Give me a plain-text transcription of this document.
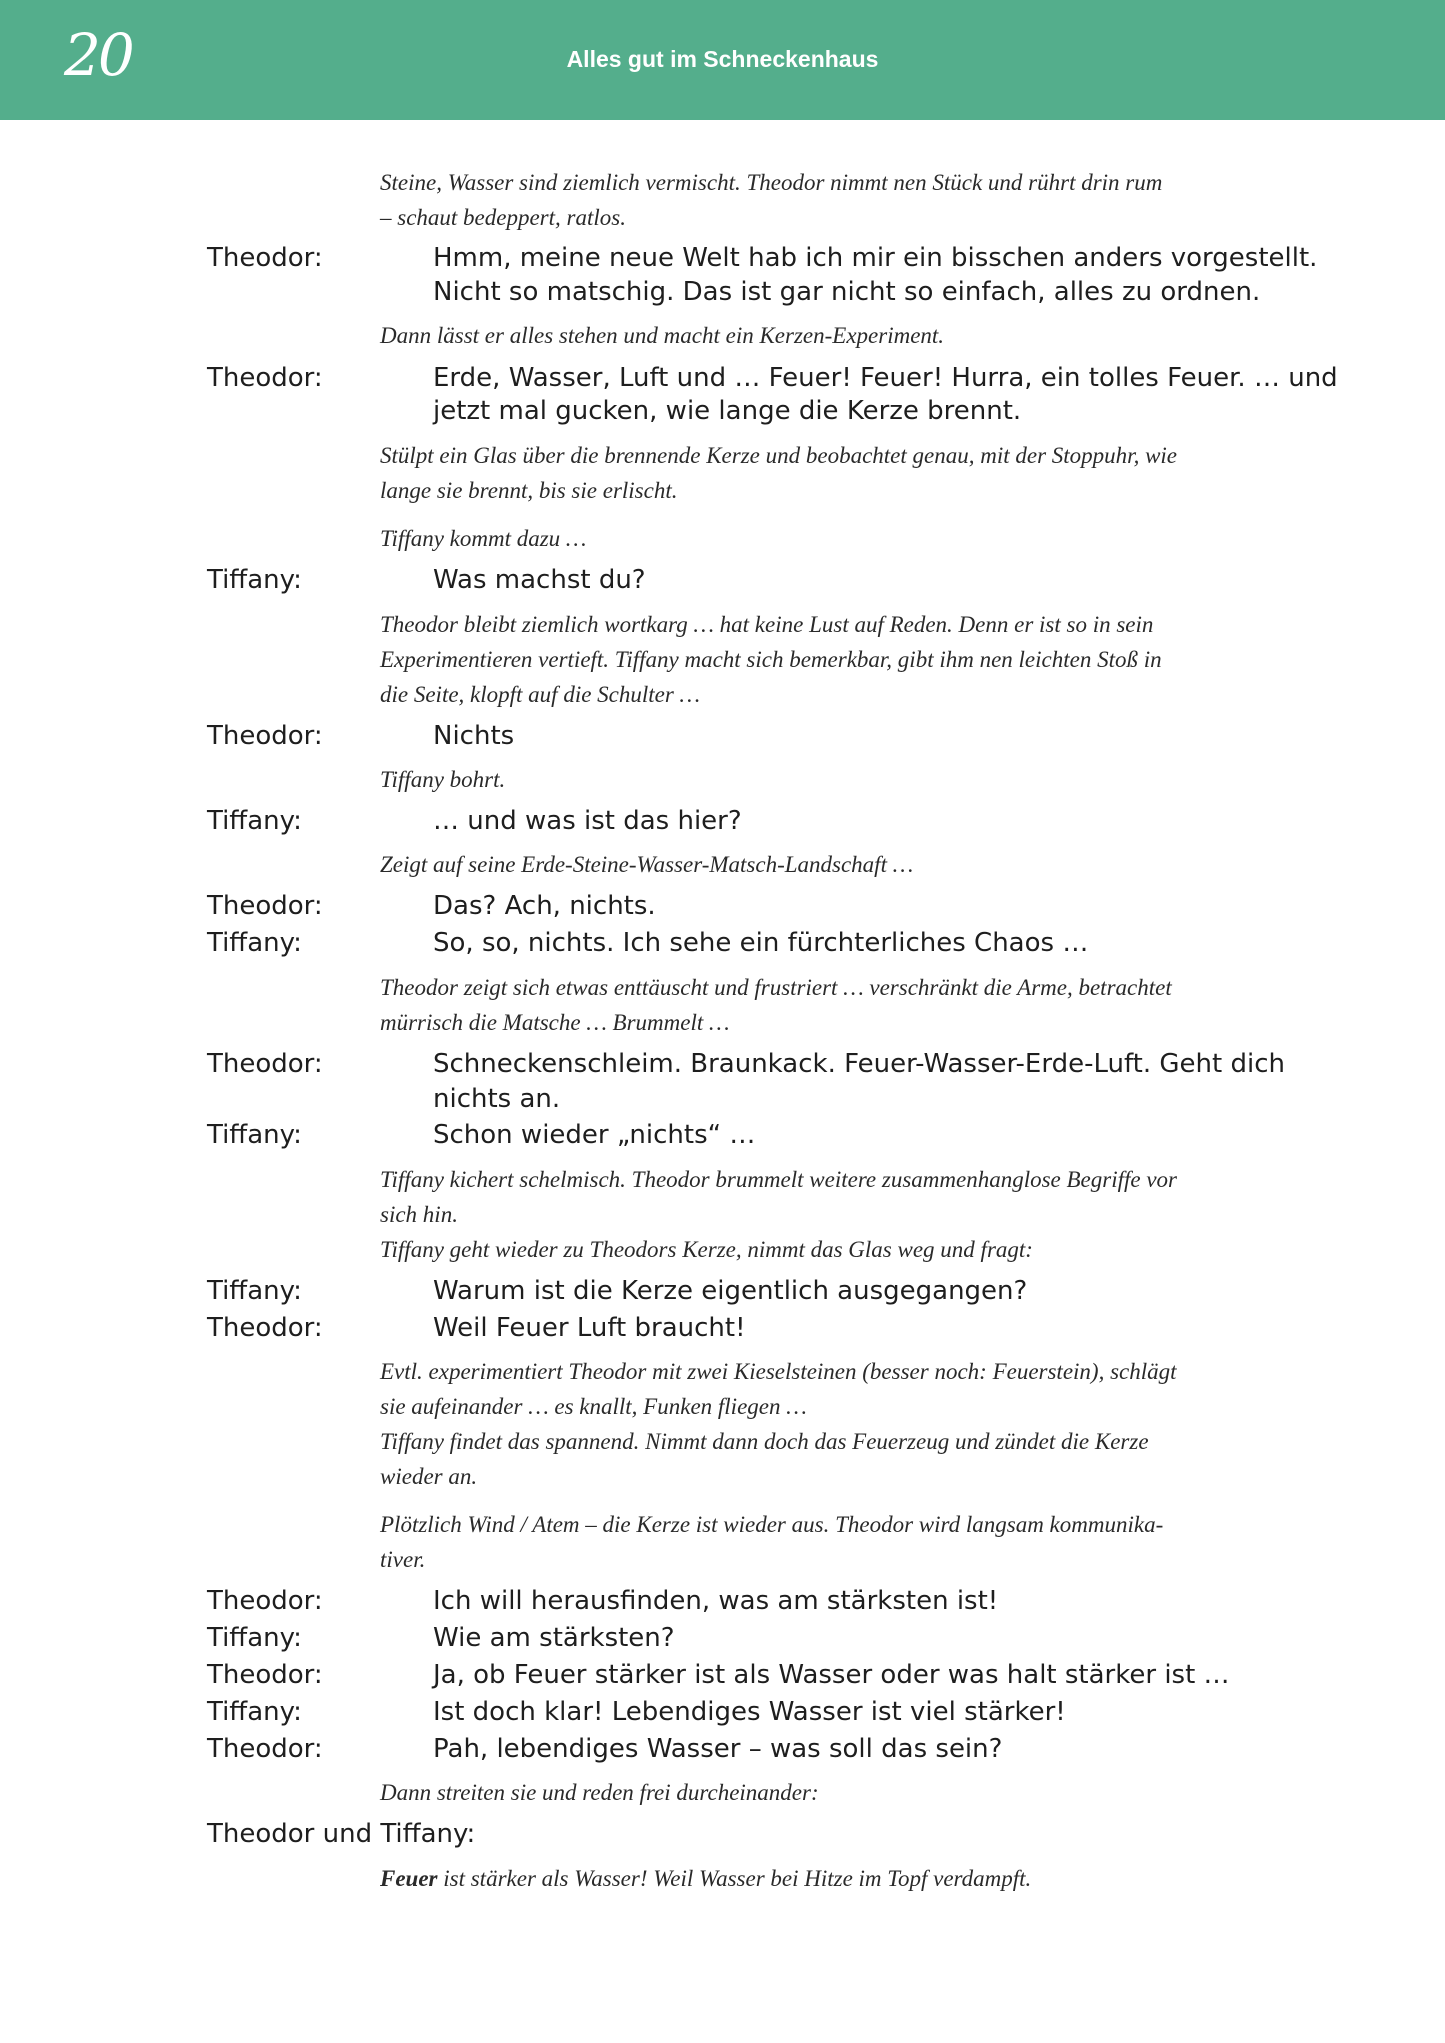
20	Alles gut im Schneckenhaus
Steine, Wasser sind ziemlich vermischt. Theodor nimmt nen Stück und rührt drin rum
– schaut bedeppert, ratlos.
Theodor:	Hmm, meine neue Welt hab ich mir ein bisschen anders vorgestellt.
Nicht so matschig. Das ist gar nicht so einfach, alles zu ordnen.
Dann lässt er alles stehen und macht ein Kerzen-Experiment.
Theodor:	Erde, Wasser, Luft und … Feuer! Feuer! Hurra, ein tolles Feuer. … und
jetzt mal gucken, wie lange die Kerze brennt.
Stülpt ein Glas über die brennende Kerze und beobachtet genau, mit der Stoppuhr, wie
lange sie brennt, bis sie erlischt.
Tiffany kommt dazu …
Tiffany:	Was machst du?
Theodor bleibt ziemlich wortkarg … hat keine Lust auf Reden. Denn er ist so in sein
Experimentieren vertieft. Tiffany macht sich bemerkbar, gibt ihm nen leichten Stoß in
die Seite, klopft auf die Schulter …
Theodor:	Nichts
Tiffany bohrt.
Tiffany:	… und was ist das hier?
Zeigt auf seine Erde-Steine-Wasser-Matsch-Landschaft …
Theodor:	Das? Ach, nichts.
Tiffany:	So, so, nichts. Ich sehe ein fürchterliches Chaos …
Theodor zeigt sich etwas enttäuscht und frustriert … verschränkt die Arme, betrachtet
mürrisch die Matsche … Brummelt …
Theodor:	Schneckenschleim. Braunkack. Feuer-Wasser-Erde-Luft. Geht dich
nichts an.
Tiffany:	Schon wieder „nichts“ …
Tiffany kichert schelmisch. Theodor brummelt weitere zusammenhanglose Begriffe vor
sich hin.
Tiffany geht wieder zu Theodors Kerze, nimmt das Glas weg und fragt:
Tiffany:	Warum ist die Kerze eigentlich ausgegangen?
Theodor:	Weil Feuer Luft braucht!
Evtl. experimentiert Theodor mit zwei Kieselsteinen (besser noch: Feuerstein), schlägt
sie aufeinander … es knallt, Funken fliegen …
Tiffany findet das spannend. Nimmt dann doch das Feuerzeug und zündet die Kerze
wieder an.
Plötzlich Wind / Atem – die Kerze ist wieder aus. Theodor wird langsam kommunika-
tiver.
Theodor:	Ich will herausfinden, was am stärksten ist!
Tiffany:	Wie am stärksten?
Theodor:	Ja, ob Feuer stärker ist als Wasser oder was halt stärker ist …
Tiffany:	Ist doch klar! Lebendiges Wasser ist viel stärker!
Theodor:	Pah, lebendiges Wasser – was soll das sein?
Dann streiten sie und reden frei durcheinander:
Theodor und Tiffany:
Feuer ist stärker als Wasser! Weil Wasser bei Hitze im Topf verdampft.
